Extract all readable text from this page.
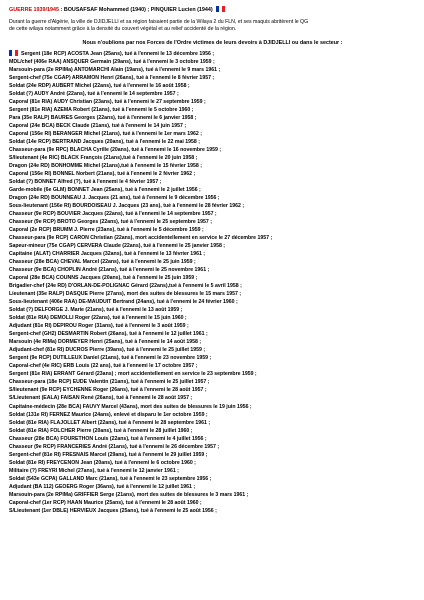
GUERRE 1939/1945 : BOUSAFSAF Mohammed (1940) ; PINQUIER Lucien (1944)
Durant la guerre d'Algérie, la ville de DJIDJELLI et sa région faisaient partie de la Wilaya 2 du FLN, et ses maquis abritèrent le QG
de cette wilaya notamment grâce à la densité du couvert végétal et au relief accidenté de la région.
Nous n'oublions par nos Forces de l'Ordre victimes de leurs devoirs à DJIDJELLI ou dans le secteur :
Sergent (18e RCP) ACOSTA Jean (25ans), tué à l'ennemi le 13 décembre 1956 ;
MDL/chef (406e RAA) ANSQUER Germain (29ans), tué à l'ennemi le 3 octobre 1959 ;
Marsouin-para (2e RPIMa) ANTOMARCHI Alain (19ans), tué à l'ennemi le 9 mars 1961 ;
Sergent-chef (75e CGAP) ARRAMON Henri (26ans), tué à l'ennemi le 8 février 1957 ;
Soldat (24e RDP) AUBERT Michel (22ans), tué à l'ennemi le 16 août 1958 ;
Soldat (?) AUDY André (22ans), tué à l'ennemi le 14 septembre 1957 ;
Caporal (81e RIA) AUDY Christian (23ans), tué à l'ennemi le 27 septembre 1959 ;
Sergent (81e RIA) AZEMA Robert (21ans), tué à l'ennemi le 5 octobre 1960 ;
Para (35e RALP) BAURES Georges (22ans), tué à l'ennemi le 6 janvier 1958 ;
Caporal (24e BCA) BECK Claude (21ans), tué à l'ennemi le 14 juin 1957 ;
Caporal (156e RI) BERANGER Michel (21ans), tué à l'ennemi le 1er mars 1962 ;
Soldat (14e RCP) BERTRAND Jacques (20ans), tué à l'ennemi le 22 mai 1958 ;
Chasseur-para (9e RPC) BLACHA Cyrille (20ans), tué à l'ennemi le 16 novembre 1959 ;
S/lieutenant (4e RIC) BLACK François (21ans),tué à l'ennemi le 20 juin 1958 ;
Dragon (24e RD) BONHOMME Michel (21ans),tué à l'ennemi le 15 février 1958 ;
Caporal (156e RI) BONNEL Norbert (21ans), tué à l'ennemi le 2 février 1962 ;
Soldat (?) BONNET Alfred (?), tué à l'ennemi le 4 février 1957 ;
Garde-mobile (6e GLM) BONNET Jean (25ans), tué à l'ennemi le 2 juillet 1956 ;
Dragon (24e RD) BOUNNEAU J. Jacques (21 ans), tué à l'ennemi le 9 décembre 1956 ;
Sous-lieutenant (156e RI) BOURDOISEAU J. Jacques (23 ans), tué à l'ennemi le 28 février 1962 ;
Chasseur (9e RCP) BOUVIER Jacques (22ans), tué à l'ennemi le 14 septembre 1957 ;
Chasseur (9e RCP) BROTO Georges (22ans), tué à l'ennemi le 25 septembre 1957 ;
Caporal (2e RCP) BRUMM J. Pierre (23ans), tué à l'ennemi le 5 décembre 1959 ;
Chasseur-para (9e RCP) CARON Christian (22ans), mort accidentellement en service le 27 décembre 1957 ;
Sapeur-mineur (75e CGAP) CERVERA Claude (22ans), tué à l'ennemi le 25 janvier 1958 ;
Capitaine (ALAT) CHARRIER Jacques (32ans), tué à l'ennemi le 13 février 1961 ;
Chasseur (28e BCA) CHEVAL Marcel (22ans), tué à l'ennemi le 25 juin 1959 ;
Chasseur (9e BCA) CHOPLIN André (21ans), tué à l'ennemi le 25 novembre 1961 ;
Caporal (28e BCA) COUNNS Jacques (20ans), tué à l'ennemi le 25 juin 1959 ;
Brigadier-chef (24e RD) D'ORLAN-DE-POLIGNAC Gérard (22ans),tué à l'ennemi le 5 avril 1958 ;
Lieutenant (35e RALP) DASQUE Pierre (27ans), mort des suites de blessures le 15 mars 1957 ;
Sous-lieutenant (406e RAA) DE-MAUDUIT Bertrand (24ans), tué à l'ennemi le 24 février 1960 ;
Soldat (?) DELFORGE J. Marie (21ans), tué à l'ennemi le 13 août 1959 ;
Soldat (81e RIA) DEMOLLI Roger (22ans), tué à l'ennemi le 15 juin 1960 ;
Adjudant (81e RI) DEPIROU Roger (31ans), tué à l'ennemi le 3 août 1959 ;
Sergent-chef (GH2) DESMARTIN Robert (26ans), tué à l'ennemi le 12 juillet 1961 ;
Marsouin (4e RIMa) DORMEYER Henri (25ans), tué à l'ennemi le 14 août 1958 ;
Adjudant-chef (81e RI) DUCROS Pierre (39ans), tué à l'ennemi le 25 juillet 1959 ;
Sergent (9e RCP) DUTILLEUX Daniel (21ans), tué à l'ennemi le 23 novembre 1959 ;
Caporal-chef (4e RIC) ERB Louis (22 ans), tué à l'ennemi le 17 octobre 1957 ;
Sergent (81e RIA) ERRANT Gérard (23ans) ; mort accidentellement en service le 23 septembre 1959 ;
Chasseur-para (18e RCP) EUDE Valentin (21ans), tué à l'ennemi le 25 juillet 1957 ;
S/lieutenant (9e RCP) EYCHENNE Roger (26ans), tué à l'ennemi le 28 août 1957 ;
S/Lieutenant (EALA) FAISAN René (26ans), tué à l'ennemi le 28 août 1957 ;
Capitaine-médecin (28e BCA) FAUVY Marcel (43ans), mort des suites de blessures le 19 juin 1956 ;
Soldat (131e RI) FERNEZ Maurice (24ans), enlevé et disparu le 1er octobre 1959 ;
Soldat (81e RIA) FLAJOLLET Albert (22ans), tué à l'ennemi le 28 septembre 1961 ;
Soldat (81e RIA) FOLCHER Pierre (20ans), tué à l'ennemi le 28 juillet 1960 ;
Chasseur (28e BCA) FOURETHON Louis (22ans), tué à l'ennemi le 4 juillet 1956 ;
Chasseur (9e RCP) FRANCERIES André (21ans), tué à l'ennemi le 26 décembre 1957 ;
Sergent-chef (81e RI) FRESNAIS Marcel (29ans), tué à l'ennemi le 29 juillet 1959 ;
Soldat (81e RI) FREYCENON Jean (20ans), tué à l'ennemi le 6 octobre 1960 ;
Militaire (?) FREYRI Michel (27ans), tué à l'ennemi le 12 janvier 1961 ;
Soldat (543e GCPA) GALLAND Marc (21ans), tué à l'ennemi le 23 septembre 1956 ;
Adjudant (BA 112) GEOERG Roger (36ans), tué à l'ennemi le 12 juillet 1961 ;
Marsouin-para (2e RPIMa) GRIFFIER Serge (21ans), mort des suites de blessures le 3 mars 1961 ;
Caporal-chef (1er RCP) HAAN Maurice (25ans), tué à l'ennemi le 28 août 1960 ;
S/Lieutenant (1er DBLE) HERVIEUX Jacques (25ans), tué à l'ennemi le 25 août 1956 ;
